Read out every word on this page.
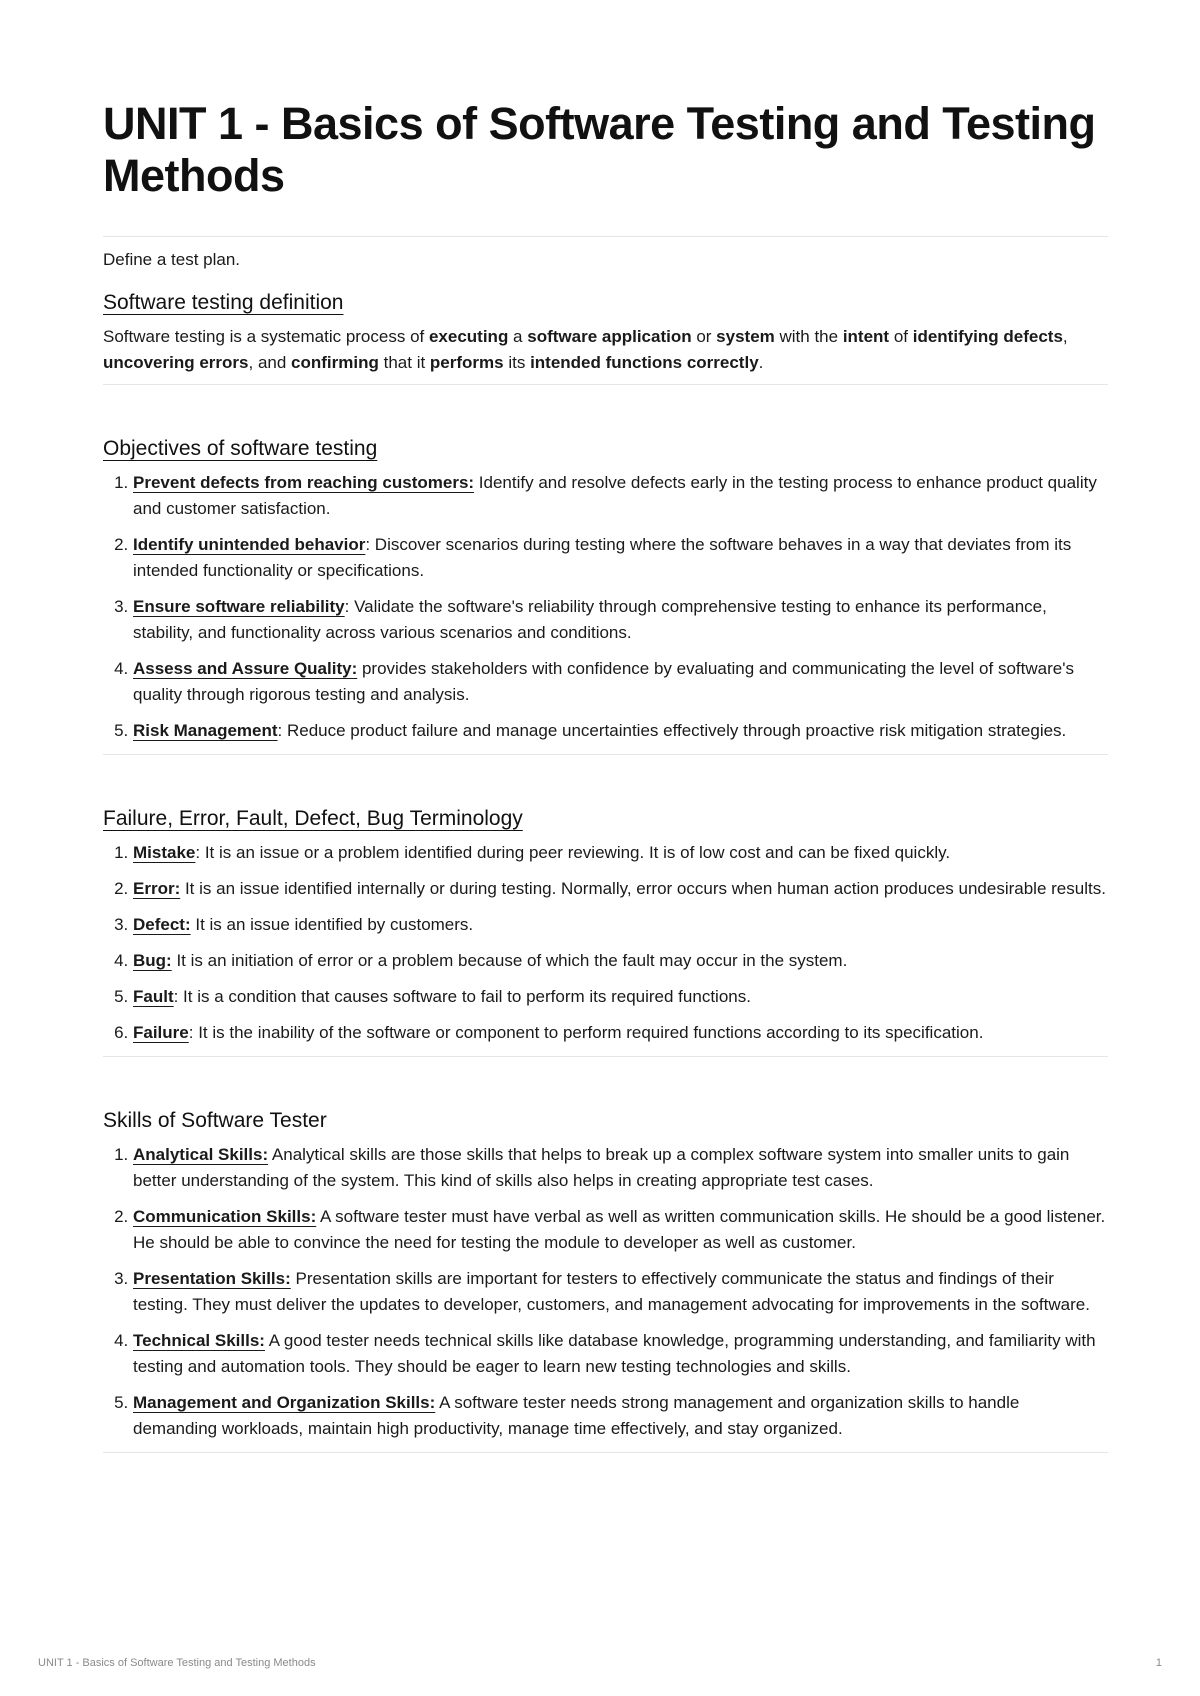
UNIT 1 - Basics of Software Testing and Testing Methods

Define a test plan.

Software testing definition

Software testing is a systematic process of executing a software application or system with the intent of identifying defects, uncovering errors, and confirming that it performs its intended functions correctly.

Objectives of software testing
1. Prevent defects from reaching customers: Identify and resolve defects early in the testing process to enhance product quality and customer satisfaction.
2. Identify unintended behavior: Discover scenarios during testing where the software behaves in a way that deviates from its intended functionality or specifications.
3. Ensure software reliability: Validate the software's reliability through comprehensive testing to enhance its performance, stability, and functionality across various scenarios and conditions.
4. Assess and Assure Quality: provides stakeholders with confidence by evaluating and communicating the level of software's quality through rigorous testing and analysis.
5. Risk Management: Reduce product failure and manage uncertainties effectively through proactive risk mitigation strategies.
Failure, Error, Fault, Defect, Bug Terminology
1. Mistake: It is an issue or a problem identified during peer reviewing. It is of low cost and can be fixed quickly.
2. Error: It is an issue identified internally or during testing. Normally, error occurs when human action produces undesirable results.
3. Defect: It is an issue identified by customers.
4. Bug: It is an initiation of error or a problem because of which the fault may occur in the system.
5. Fault: It is a condition that causes software to fail to perform its required functions.
6. Failure: It is the inability of the software or component to perform required functions according to its specification.
Skills of Software Tester
1. Analytical Skills: Analytical skills are those skills that helps to break up a complex software system into smaller units to gain better understanding of the system. This kind of skills also helps in creating appropriate test cases.
2. Communication Skills: A software tester must have verbal as well as written communication skills. He should be a good listener. He should be able to convince the need for testing the module to developer as well as customer.
3. Presentation Skills: Presentation skills are important for testers to effectively communicate the status and findings of their testing. They must deliver the updates to developer, customers, and management advocating for improvements in the software.
4. Technical Skills: A good tester needs technical skills like database knowledge, programming understanding, and familiarity with testing and automation tools. They should be eager to learn new testing technologies and skills.
5. Management and Organization Skills: A software tester needs strong management and organization skills to handle demanding workloads, maintain high productivity, manage time effectively, and stay organized.
UNIT 1 - Basics of Software Testing and Testing Methods	1
